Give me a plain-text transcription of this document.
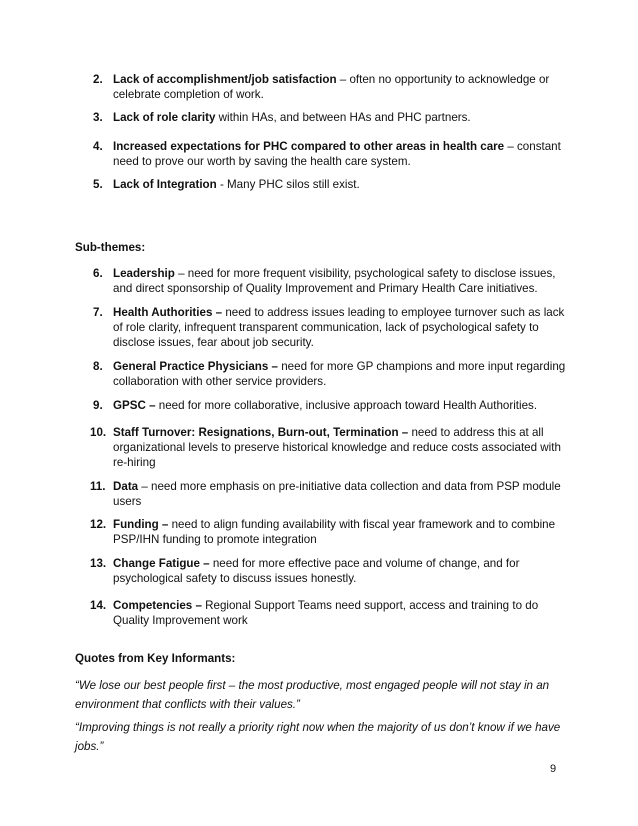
2. Lack of accomplishment/job satisfaction – often no opportunity to acknowledge or celebrate completion of work.
3. Lack of role clarity within HAs, and between HAs and PHC partners.
4. Increased expectations for PHC compared to other areas in health care – constant need to prove our worth by saving the health care system.
5. Lack of Integration - Many PHC silos still exist.
Sub-themes:
6. Leadership – need for more frequent visibility, psychological safety to disclose issues, and direct sponsorship of Quality Improvement and Primary Health Care initiatives.
7. Health Authorities – need to address issues leading to employee turnover such as lack of role clarity, infrequent transparent communication, lack of psychological safety to disclose issues, fear about job security.
8. General Practice Physicians – need for more GP champions and more input regarding collaboration with other service providers.
9. GPSC – need for more collaborative, inclusive approach toward Health Authorities.
10. Staff Turnover: Resignations, Burn-out, Termination – need to address this at all organizational levels to preserve historical knowledge and reduce costs associated with re-hiring
11. Data – need more emphasis on pre-initiative data collection and data from PSP module users
12. Funding – need to align funding availability with fiscal year framework and to combine PSP/IHN funding to promote integration
13. Change Fatigue – need for more effective pace and volume of change, and for psychological safety to discuss issues honestly.
14. Competencies – Regional Support Teams need support, access and training to do Quality Improvement work
Quotes from Key Informants:
“We lose our best people first – the most productive, most engaged people will not stay in an environment that conflicts with their values.”
“Improving things is not really a priority right now when the majority of us don’t know if we have jobs.”
9
